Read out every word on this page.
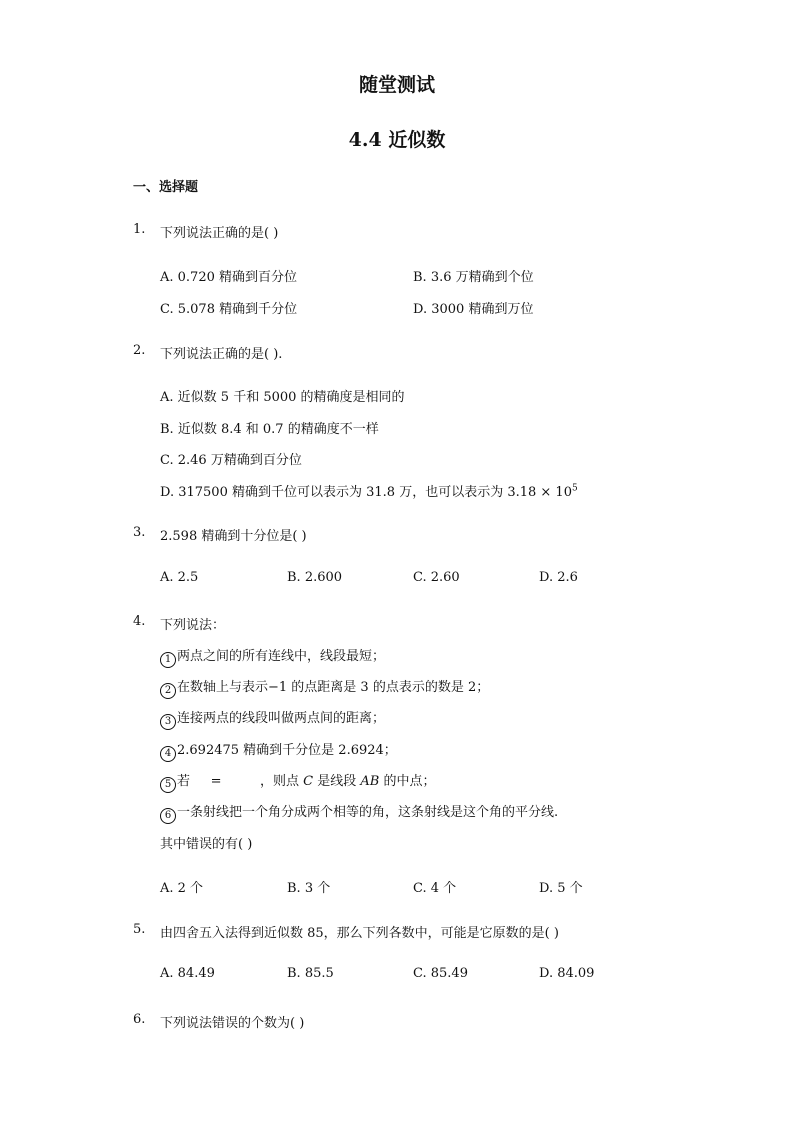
随堂测试
4.4 近似数
一、选择题
1. 下列说法正确的是( )
A. 0.720 精确到百分位	B. 3.6 万精确到个位
C. 5.078 精确到千分位	D. 3000 精确到万位
2. 下列说法正确的是( ).
A. 近似数 5 千和 5000 的精确度是相同的
B. 近似数 8.4 和 0.7 的精确度不一样
C. 2.46 万精确到百分位
D. 317500 精确到千位可以表示为 31.8 万，也可以表示为 $3.18 \times 10^5$
3. 2.598 精确到十分位是( )
A. 2.5	B. 2.600	C. 2.60	D. 2.6
4. 下列说法：
1 两点之间的所有连线中，线段最短；
2 在数轴上与表示−1 的点距离是 3 的点表示的数是 2；
3 连接两点的线段叫做两点间的距离；
4 2.692475 精确到千分位是 2.6924；
5 若 =	，则点 C 是线段 AB 的中点；
6 一条射线把一个角分成两个相等的角，这条射线是这个角的平分线.
其中错误的有( )
A. 2 个	B. 3 个	C. 4 个	D. 5 个
5. 由四舍五入法得到近似数 85，那么下列各数中，可能是它原数的是( )
A. 84.49	B. 85.5	C. 85.49	D. 84.09
6. 下列说法错误的个数为( )
